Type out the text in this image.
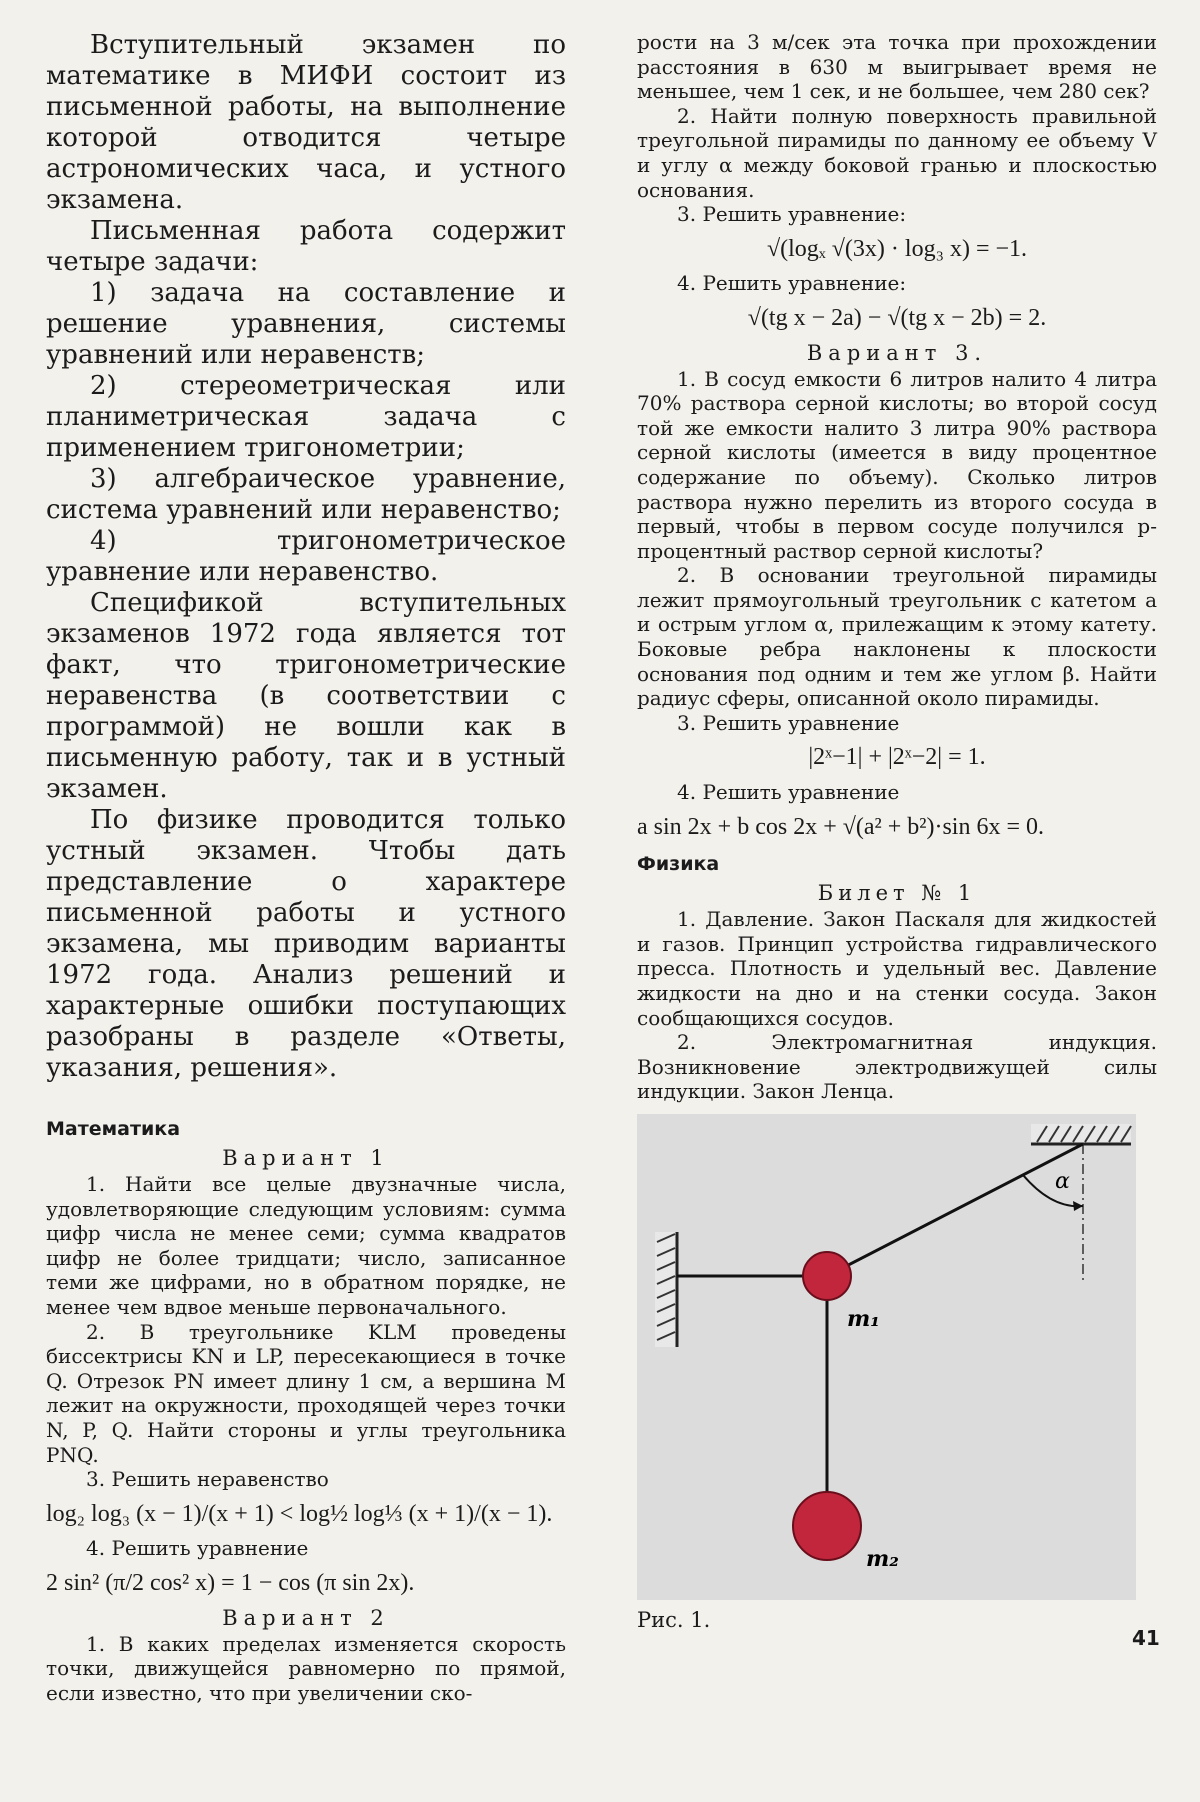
Вступительный экзамен по математике в МИФИ состоит из письменной работы, на выполнение которой отводится четыре астрономических часа, и устного экзамена.

Письменная работа содержит четыре задачи:

1) задача на составление и решение уравнения, системы уравнений или неравенств;

2) стереометрическая или планиметрическая задача с применением тригонометрии;

3) алгебраическое уравнение, система уравнений или неравенство;

4) тригонометрическое уравнение или неравенство.

Спецификой вступительных экзаменов 1972 года является тот факт, что тригонометрические неравенства (в соответствии с программой) не вошли как в письменную работу, так и в устный экзамен.

По физике проводится только устный экзамен. Чтобы дать представление о характере письменной работы и устного экзамена, мы приводим варианты 1972 года. Анализ решений и характерные ошибки поступающих разобраны в разделе «Ответы, указания, решения».

Математика
Вариант 1

1. Найти все целые двузначные числа, удовлетворяющие следующим условиям: сумма цифр числа не менее семи; сумма квадратов цифр не более тридцати; число, записанное теми же цифрами, но в обратном порядке, не менее чем вдвое меньше первоначального.

2. В треугольнике KLM проведены биссектрисы KN и LP, пересекающиеся в точке Q. Отрезок PN имеет длину 1 см, а вершина M лежит на окружности, проходящей через точки N, P, Q. Найти стороны и углы треугольника PNQ.

3. Решить неравенство

log₂ log₃ (x − 1)/(x + 1) < log½ log⅓ (x + 1)/(x − 1).

4. Решить уравнение

2 sin² (π/2 cos² x) = 1 − cos (π sin 2x).
Вариант 2

1. В каких пределах изменяется скорость точки, движущейся равномерно по прямой, если известно, что при увеличении ско-

рости на 3 м/сек эта точка при прохождении расстояния в 630 м выигрывает время не меньшее, чем 1 сек, и не большее, чем 280 сек?

2. Найти полную поверхность правильной треугольной пирамиды по данному ее объему V и углу α между боковой гранью и плоскостью основания.

3. Решить уравнение:

√(logₓ √(3x) · log₃ x) = −1.

4. Решить уравнение:

√(tg x − 2a) − √(tg x − 2b) = 2.
Вариант 3.

1. В сосуд емкости 6 литров налито 4 литра 70% раствора серной кислоты; во второй сосуд той же емкости налито 3 литра 90% раствора серной кислоты (имеется в виду процентное содержание по объему). Сколько литров раствора нужно перелить из второго сосуда в первый, чтобы в первом сосуде получился p-процентный раствор серной кислоты?

2. В основании треугольной пирамиды лежит прямоугольный треугольник с катетом a и острым углом α, прилежащим к этому катету. Боковые ребра наклонены к плоскости основания под одним и тем же углом β. Найти радиус сферы, описанной около пирамиды.

3. Решить уравнение

|2ˣ−1| + |2ˣ−2| = 1.

4. Решить уравнение

a sin 2x + b cos 2x + √(a² + b²)·sin 6x = 0.
Физика
Билет № 1

1. Давление. Закон Паскаля для жидкостей и газов. Принцип устройства гидравлического пресса. Плотность и удельный вес. Давление жидкости на дно и на стенки сосуда. Закон сообщающихся сосудов.

2. Электромагнитная индукция. Возникновение электродвижущей силы индукции. Закон Ленца.

α
m₁
m₂
Рис. 1.
41
